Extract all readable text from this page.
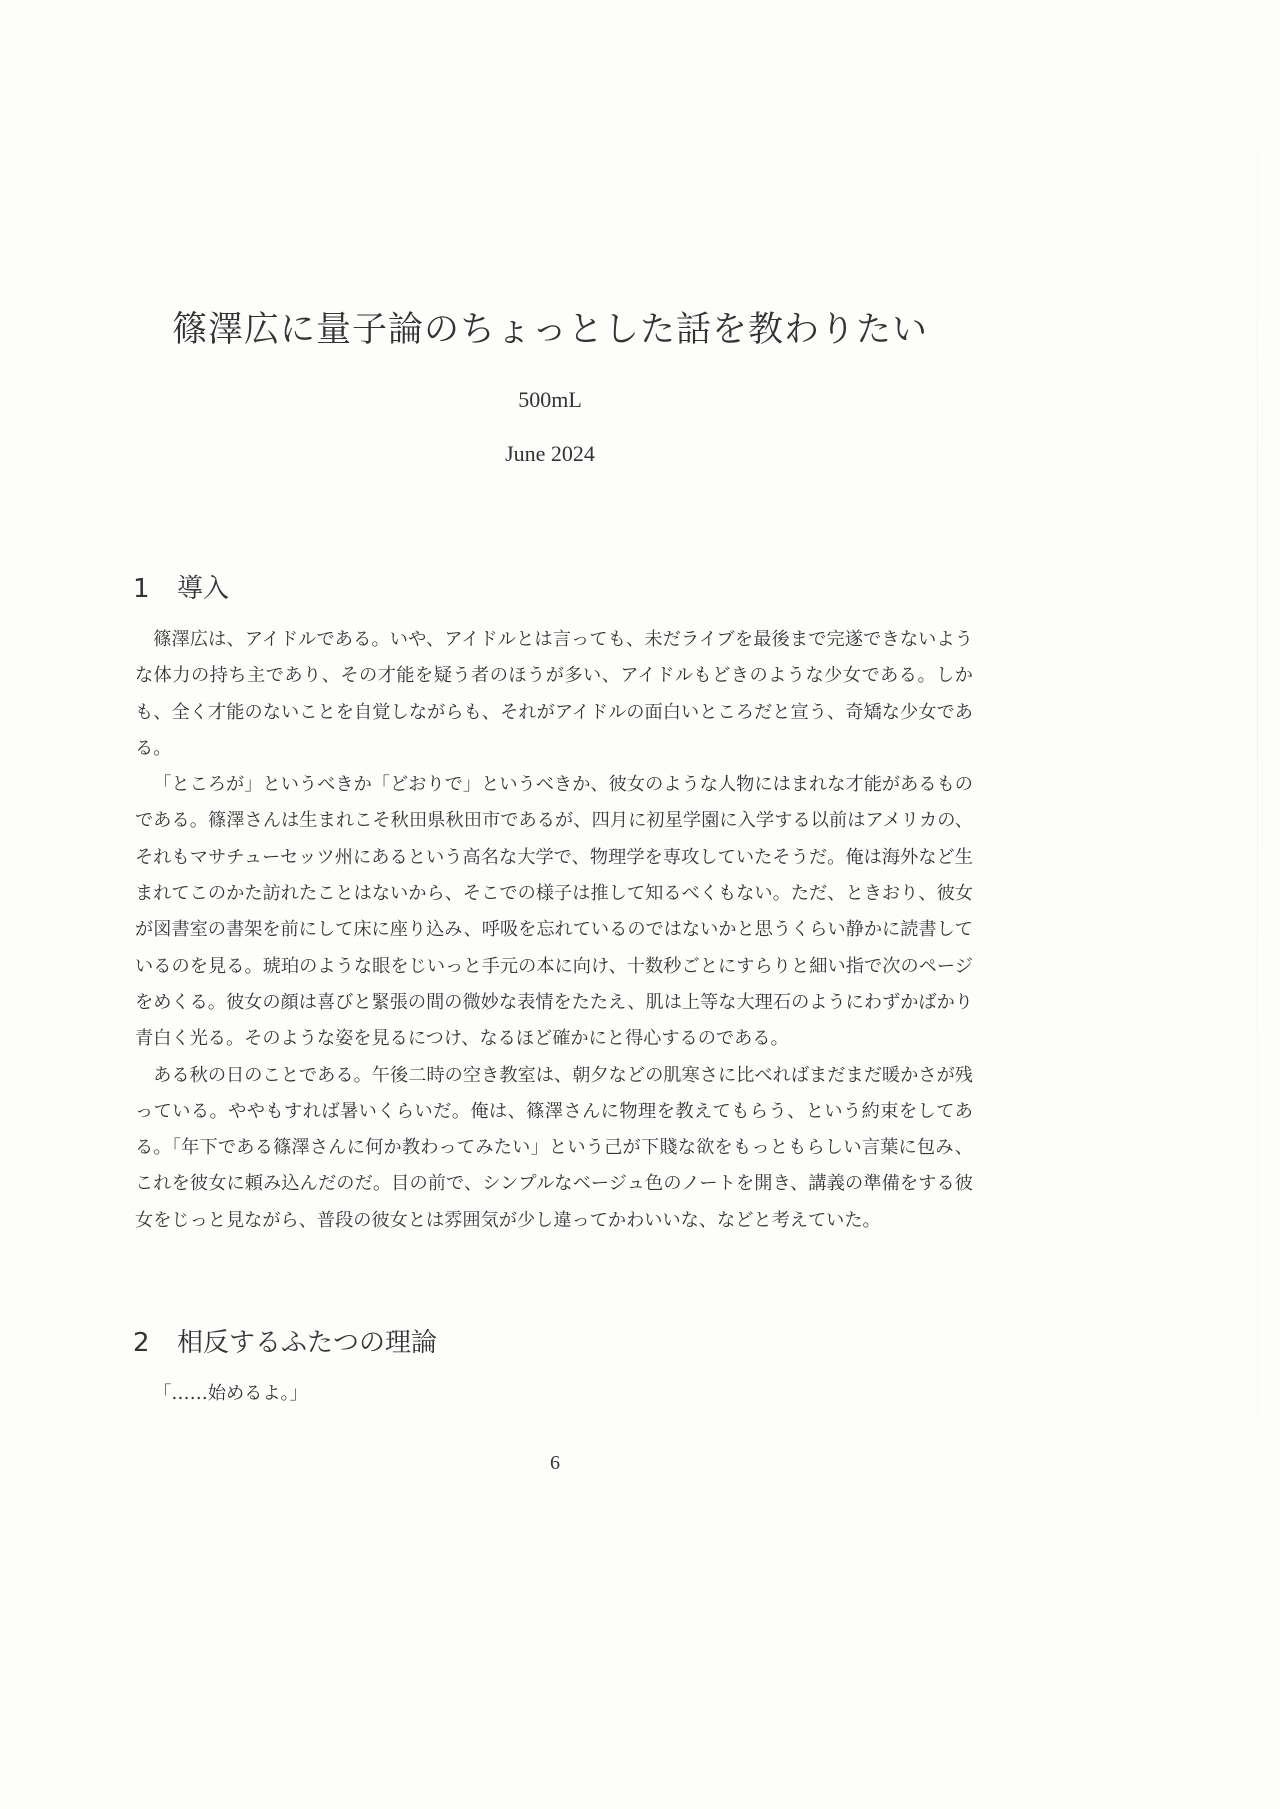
篠澤広に量子論のちょっとした話を教わりたい
500mL
June 2024
1 導入

篠澤広は、アイドルである。いや、アイドルとは言っても、未だライブを最後まで完遂できないような体力の持ち主であり、その才能を疑う者のほうが多い、アイドルもどきのような少女である。しかも、全く才能のないことを自覚しながらも、それがアイドルの面白いところだと宣う、奇矯な少女である。

「ところが」というべきか「どおりで」というべきか、彼女のような人物にはまれな才能があるものである。篠澤さんは生まれこそ秋田県秋田市であるが、四月に初星学園に入学する以前はアメリカの、それもマサチューセッツ州にあるという高名な大学で、物理学を専攻していたそうだ。俺は海外など生まれてこのかた訪れたことはないから、そこでの様子は推して知るべくもない。ただ、ときおり、彼女が図書室の書架を前にして床に座り込み、呼吸を忘れているのではないかと思うくらい静かに読書しているのを見る。琥珀のような眼をじいっと手元の本に向け、十数秒ごとにすらりと細い指で次のページをめくる。彼女の顔は喜びと緊張の間の微妙な表情をたたえ、肌は上等な大理石のようにわずかばかり青白く光る。そのような姿を見るにつけ、なるほど確かにと得心するのである。

ある秋の日のことである。午後二時の空き教室は、朝夕などの肌寒さに比べればまだまだ暖かさが残っている。ややもすれば暑いくらいだ。俺は、篠澤さんに物理を教えてもらう、という約束をしてある。「年下である篠澤さんに何か教わってみたい」という己が下賤な欲をもっともらしい言葉に包み、これを彼女に頼み込んだのだ。目の前で、シンプルなベージュ色のノートを開き、講義の準備をする彼女をじっと見ながら、普段の彼女とは雰囲気が少し違ってかわいいな、などと考えていた。

2 相反するふたつの理論

「……始めるよ。」

6
